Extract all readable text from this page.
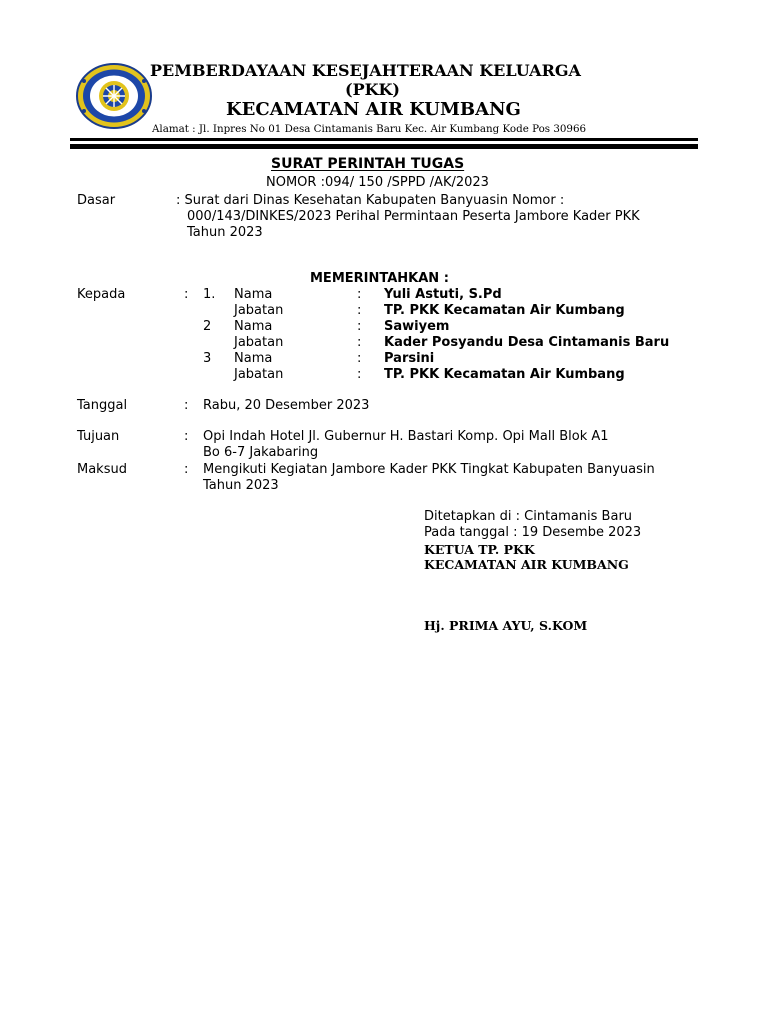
PEMBERDAYAAN KESEJAHTERAAN KELUARGA
(PKK)
KECAMATAN AIR KUMBANG
Alamat : Jl. Inpres No 01 Desa Cintamanis Baru Kec. Air Kumbang Kode Pos 30966
SURAT PERINTAH TUGAS
NOMOR :094/ 150 /SPPD /AK/2023
Dasar	: Surat dari Dinas Kesehatan Kabupaten Banyuasin Nomor :
000/143/DINKES/2023 Perihal Permintaan Peserta Jambore Kader PKK
Tahun 2023
MEMERINTAHKAN :
Kepada	: 1. Nama	: Yuli Astuti, S.Pd
Jabatan	: TP. PKK Kecamatan Air Kumbang
2 Nama	: Sawiyem
Jabatan	: Kader Posyandu Desa Cintamanis Baru
3 Nama	: Parsini
Jabatan	: TP. PKK Kecamatan Air Kumbang
Tanggal	: Rabu, 20 Desember 2023
Tujuan	: Opi Indah Hotel Jl. Gubernur H. Bastari Komp. Opi Mall Blok A1
Bo 6-7 Jakabaring
Maksud	: Mengikuti Kegiatan Jambore Kader PKK Tingkat Kabupaten Banyuasin
Tahun 2023
Ditetapkan di : Cintamanis Baru
Pada tanggal : 19 Desembe 2023
KETUA TP. PKK
KECAMATAN AIR KUMBANG
Hj. PRIMA AYU, S.KOM
